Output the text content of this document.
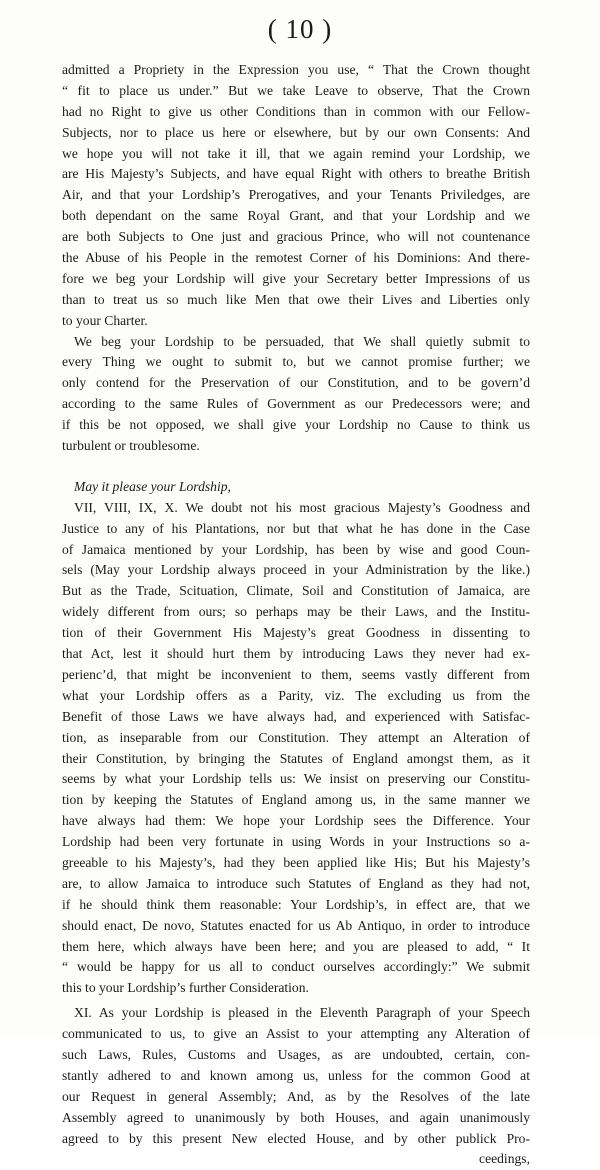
( 10 )
admitted a Propriety in the Expression you use, “ That the Crown thought
“ fit to place us under.” But we take Leave to observe, That the Crown
had no Right to give us other Conditions than in common with our Fellow-
Subjects, nor to place us here or elsewhere, but by our own Consents: And
we hope you will not take it ill, that we again remind your Lordship, we
are His Majesty’s Subjects, and have equal Right with others to breathe British
Air, and that your Lordship’s Prerogatives, and your Tenants Priviledges, are
both dependant on the same Royal Grant, and that your Lordship and we
are both Subjects to One just and gracious Prince, who will not countenance
the Abuse of his People in the remotest Corner of his Dominions: And there-
fore we beg your Lordship will give your Secretary better Impressions of us
than to treat us so much like Men that owe their Lives and Liberties only
to your Charter.
We beg your Lordship to be persuaded, that We shall quietly submit to
every Thing we ought to submit to, but we cannot promise further; we
only contend for the Preservation of our Constitution, and to be govern’d
according to the same Rules of Government as our Predecessors were; and
if this be not opposed, we shall give your Lordship no Cause to think us
turbulent or troublesome.
May it please your Lordship,
VII, VIII, IX, X. We doubt not his most gracious Majesty’s Goodness and
Justice to any of his Plantations, nor but that what he has done in the Case
of Jamaica mentioned by your Lordship, has been by wise and good Coun-
sels (May your Lordship always proceed in your Administration by the like.)
But as the Trade, Scituation, Climate, Soil and Constitution of Jamaica, are
widely different from ours; so perhaps may be their Laws, and the Institu-
tion of their Government His Majesty’s great Goodness in dissenting to
that Act, lest it should hurt them by introducing Laws they never had ex-
perienc’d, that might be inconvenient to them, seems vastly different from
what your Lordship offers as a Parity, viz. The excluding us from the
Benefit of those Laws we have always had, and experienced with Satisfac-
tion, as inseparable from our Constitution. They attempt an Alteration of
their Constitution, by bringing the Statutes of England amongst them, as it
seems by what your Lordship tells us: We insist on preserving our Constitu-
tion by keeping the Statutes of England among us, in the same manner we
have always had them: We hope your Lordship sees the Difference. Your
Lordship had been very fortunate in using Words in your Instructions so a-
greeable to his Majesty’s, had they been applied like His; But his Majesty’s
are, to allow Jamaica to introduce such Statutes of England as they had not,
if he should think them reasonable: Your Lordship’s, in effect are, that we
should enact, De novo, Statutes enacted for us Ab Antiquo, in order to introduce
them here, which always have been here; and you are pleased to add, “ It
“ would be happy for us all to conduct ourselves accordingly:” We submit
this to your Lordship’s further Consideration.
XI. As your Lordship is pleased in the Eleventh Paragraph of your Speech
communicated to us, to give an Assist to your attempting any Alteration of
such Laws, Rules, Customs and Usages, as are undoubted, certain, con-
stantly adhered to and known among us, unless for the common Good at
our Request in general Assembly; And, as by the Resolves of the late
Assembly agreed to unanimously by both Houses, and again unanimously
agreed to by this present New elected House, and by other publick Pro-
ceedings,
